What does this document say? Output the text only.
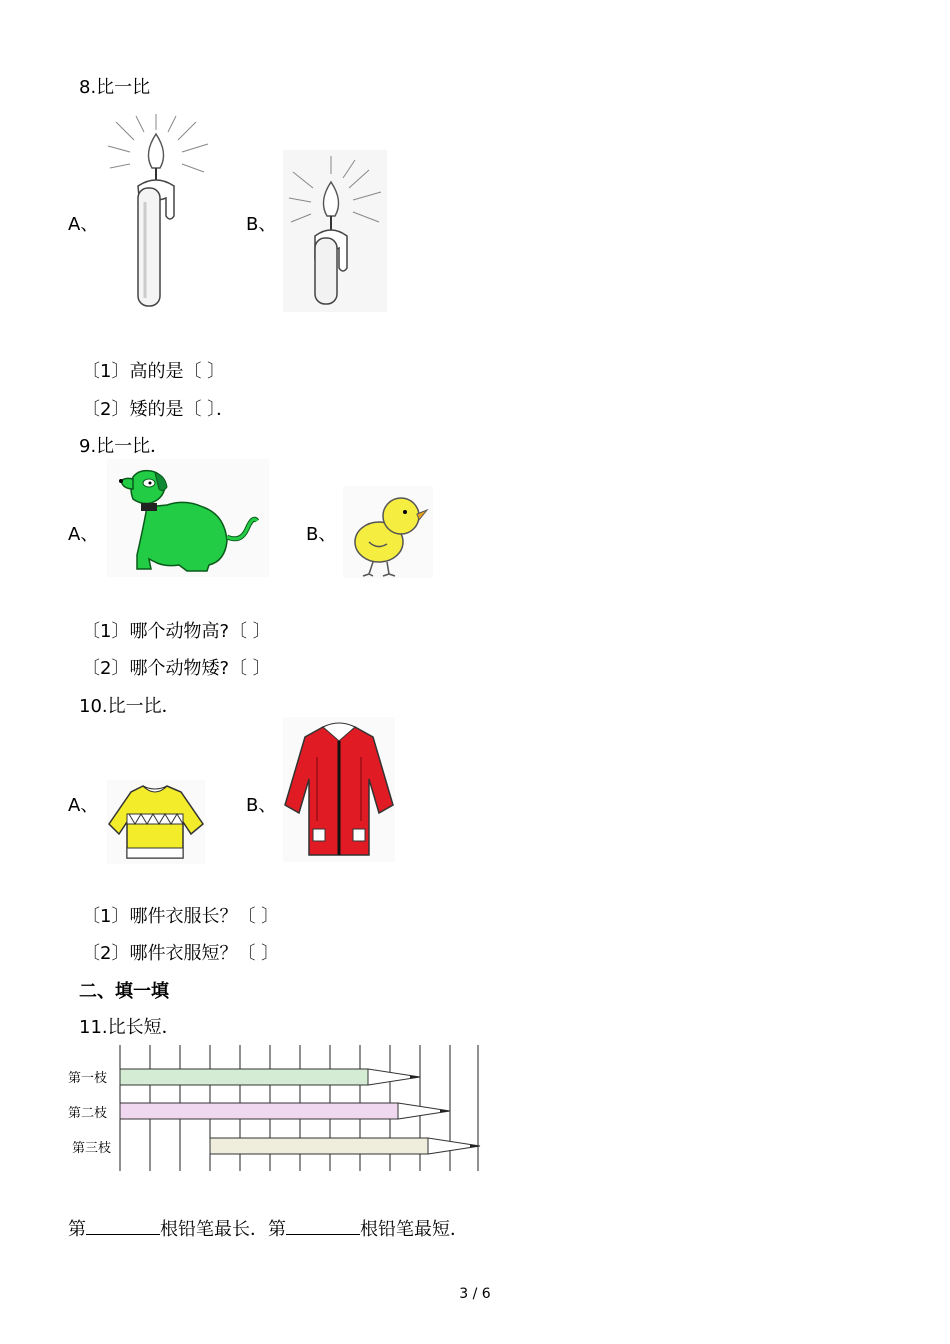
8.比一比
A、	B、
〔1〕高的是〔 〕
〔2〕矮的是〔 〕．
9.比一比．
A、	B、
〔1〕哪个动物高?〔 〕
〔2〕哪个动物矮?〔 〕
10.比一比．
A、	B、
〔1〕哪件衣服长？〔 〕
〔2〕哪件衣服短？〔 〕
二、填一填
11.比长短．
第一枝
第二枝
第三枝
第	根铅笔最长．第	根铅笔最短．
3 / 6
